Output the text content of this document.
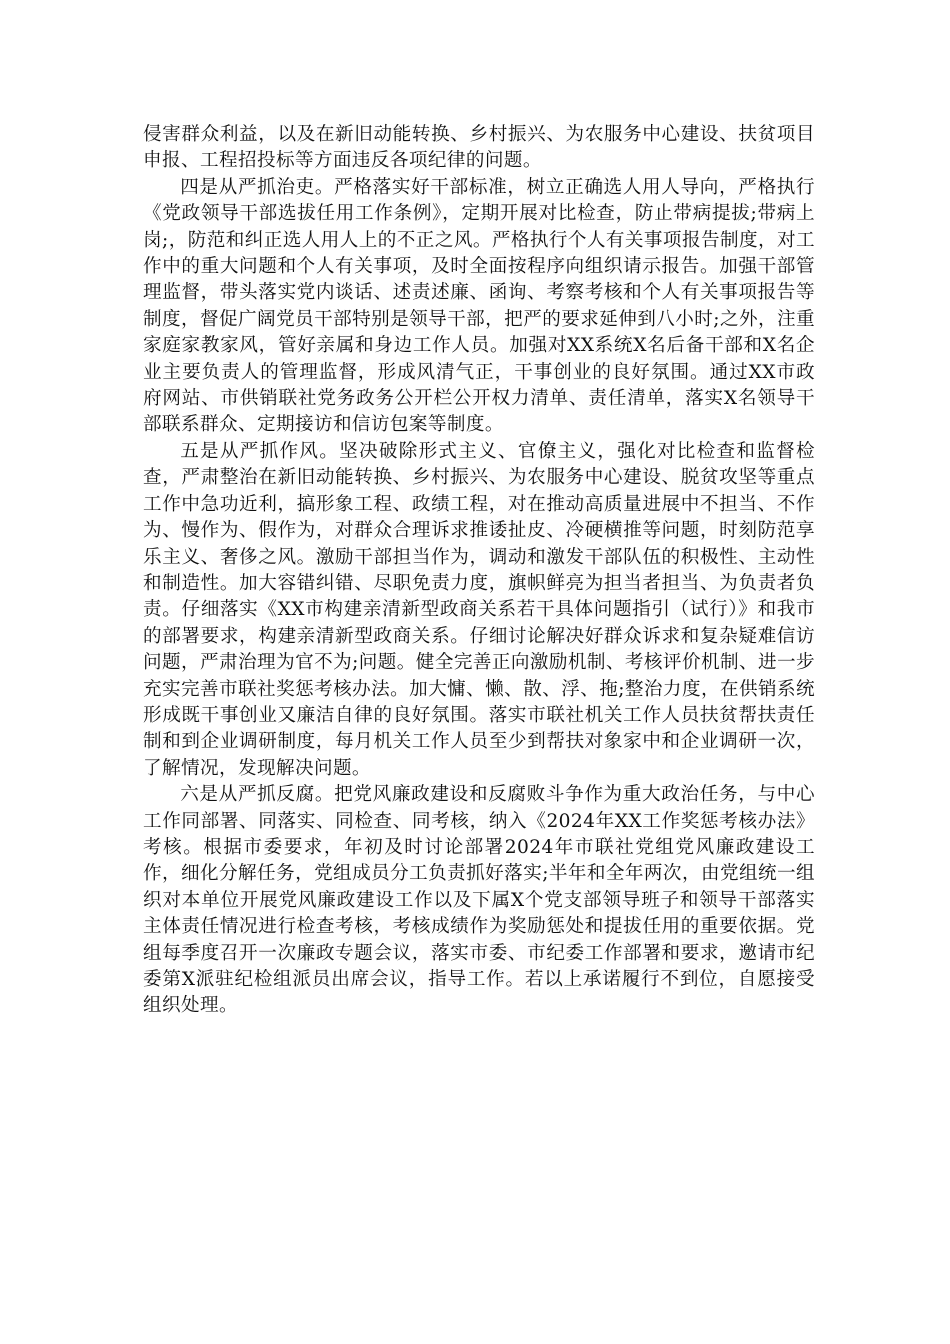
侵害群众利益，以及在新旧动能转换、乡村振兴、为农服务中心建设、扶贫项目申报、工程招投标等方面违反各项纪律的问题。

四是从严抓治吏。严格落实好干部标准，树立正确选人用人导向，严格执行《党政领导干部选拔任用工作条例》，定期开展对比检查，防止带病提拔;带病上岗;，防范和纠正选人用人上的不正之风。严格执行个人有关事项报告制度，对工作中的重大问题和个人有关事项，及时全面按程序向组织请示报告。加强干部管理监督，带头落实党内谈话、述责述廉、函询、考察考核和个人有关事项报告等制度，督促广阔党员干部特别是领导干部，把严的要求延伸到八小时;之外，注重家庭家教家风，管好亲属和身边工作人员。加强对XX系统X名后备干部和X名企业主要负责人的管理监督，形成风清气正，干事创业的良好氛围。通过XX市政府网站、市供销联社党务政务公开栏公开权力清单、责任清单，落实X名领导干部联系群众、定期接访和信访包案等制度。

五是从严抓作风。坚决破除形式主义、官僚主义，强化对比检查和监督检查，严肃整治在新旧动能转换、乡村振兴、为农服务中心建设、脱贫攻坚等重点工作中急功近利，搞形象工程、政绩工程，对在推动高质量进展中不担当、不作为、慢作为、假作为，对群众合理诉求推诿扯皮、冷硬横推等问题，时刻防范享乐主义、奢侈之风。激励干部担当作为，调动和激发干部队伍的积极性、主动性和制造性。加大容错纠错、尽职免责力度，旗帜鲜亮为担当者担当、为负责者负责。仔细落实《XX市构建亲清新型政商关系若干具体问题指引（试行）》和我市的部署要求，构建亲清新型政商关系。仔细讨论解决好群众诉求和复杂疑难信访问题，严肃治理为官不为;问题。健全完善正向激励机制、考核评价机制、进一步充实完善市联社奖惩考核办法。加大慵、懒、散、浮、拖;整治力度，在供销系统形成既干事创业又廉洁自律的良好氛围。落实市联社机关工作人员扶贫帮扶责任制和到企业调研制度，每月机关工作人员至少到帮扶对象家中和企业调研一次，了解情况，发现解决问题。

六是从严抓反腐。把党风廉政建设和反腐败斗争作为重大政治任务，与中心工作同部署、同落实、同检查、同考核，纳入《2024年XX工作奖惩考核办法》考核。根据市委要求，年初及时讨论部署2024年市联社党组党风廉政建设工作，细化分解任务，党组成员分工负责抓好落实;半年和全年两次，由党组统一组织对本单位开展党风廉政建设工作以及下属X个党支部领导班子和领导干部落实主体责任情况进行检查考核，考核成绩作为奖励惩处和提拔任用的重要依据。党组每季度召开一次廉政专题会议，落实市委、市纪委工作部署和要求，邀请市纪委第X派驻纪检组派员出席会议，指导工作。若以上承诺履行不到位，自愿接受组织处理。
